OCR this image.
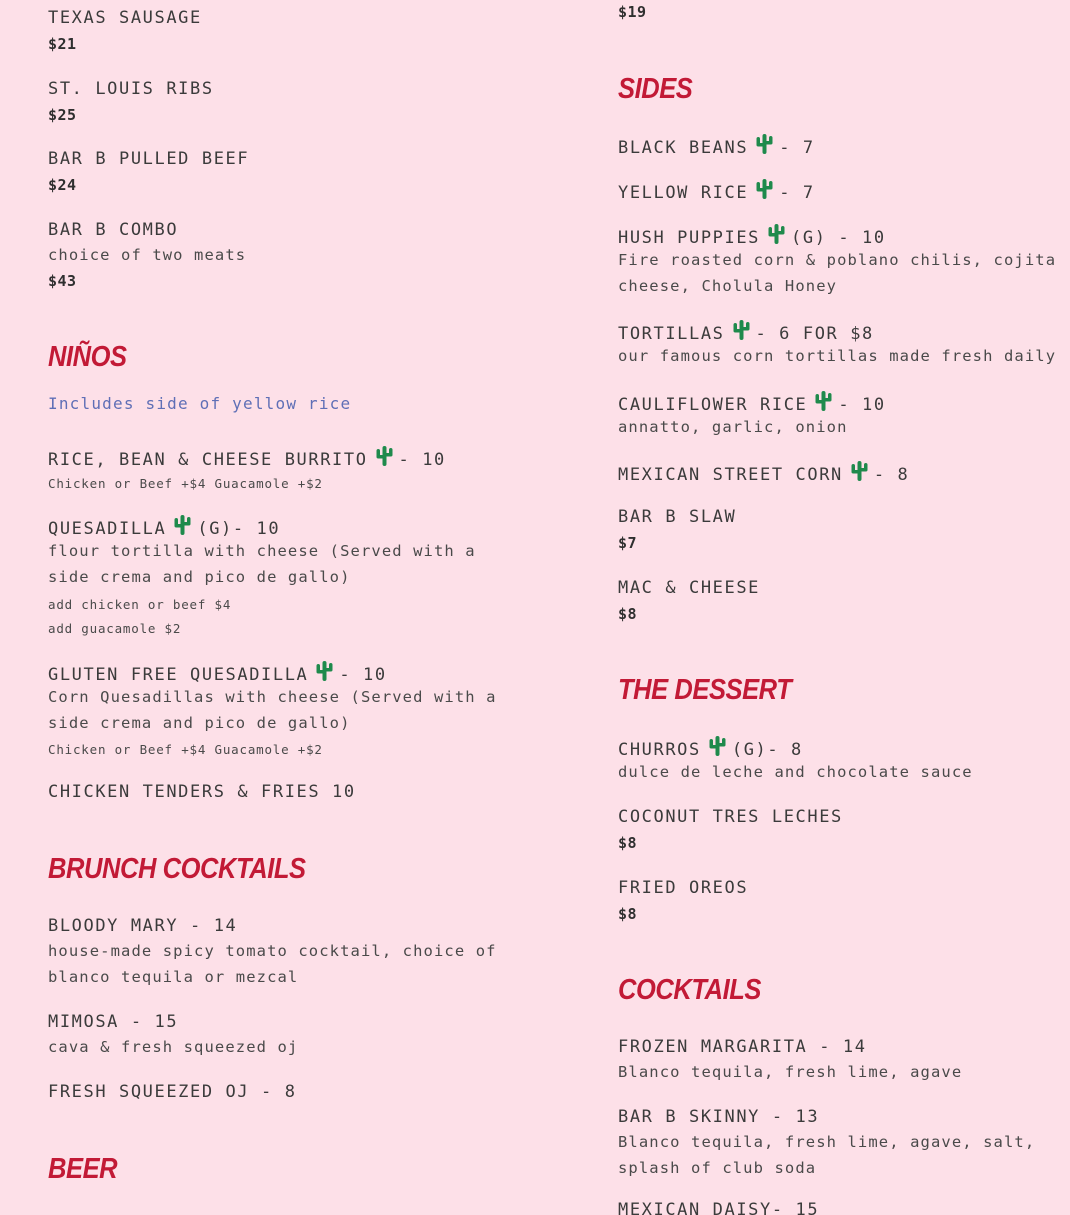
TEXAS SAUSAGE
$21
ST. LOUIS RIBS
$25
BAR B PULLED BEEF
$24
BAR B COMBO
choice of two meats
$43
NIÑOS
Includes side of yellow rice
RICE, BEAN & CHEESE BURRITO - 10
Chicken or Beef +$4 Guacamole +$2
QUESADILLA (G)- 10
flour tortilla with cheese (Served with a side crema and pico de gallo)
add chicken or beef $4
add guacamole $2
GLUTEN FREE QUESADILLA - 10
Corn Quesadillas with cheese (Served with a side crema and pico de gallo)
Chicken or Beef +$4 Guacamole +$2
CHICKEN TENDERS & FRIES 10
BRUNCH COCKTAILS
BLOODY MARY - 14
house-made spicy tomato cocktail, choice of blanco tequila or mezcal
MIMOSA - 15
cava & fresh squeezed oj
FRESH SQUEEZED OJ - 8
BEER
$19
SIDES
BLACK BEANS - 7
YELLOW RICE - 7
HUSH PUPPIES (G) - 10
Fire roasted corn & poblano chilis, cojita cheese, Cholula Honey
TORTILLAS - 6 FOR $8
our famous corn tortillas made fresh daily
CAULIFLOWER RICE - 10
annatto, garlic, onion
MEXICAN STREET CORN - 8
BAR B SLAW
$7
MAC & CHEESE
$8
THE DESSERT
CHURROS (G)- 8
dulce de leche and chocolate sauce
COCONUT TRES LECHES
$8
FRIED OREOS
$8
COCKTAILS
FROZEN MARGARITA - 14
Blanco tequila, fresh lime, agave
BAR B SKINNY - 13
Blanco tequila, fresh lime, agave, salt, splash of club soda
MEXICAN DAISY- 15
